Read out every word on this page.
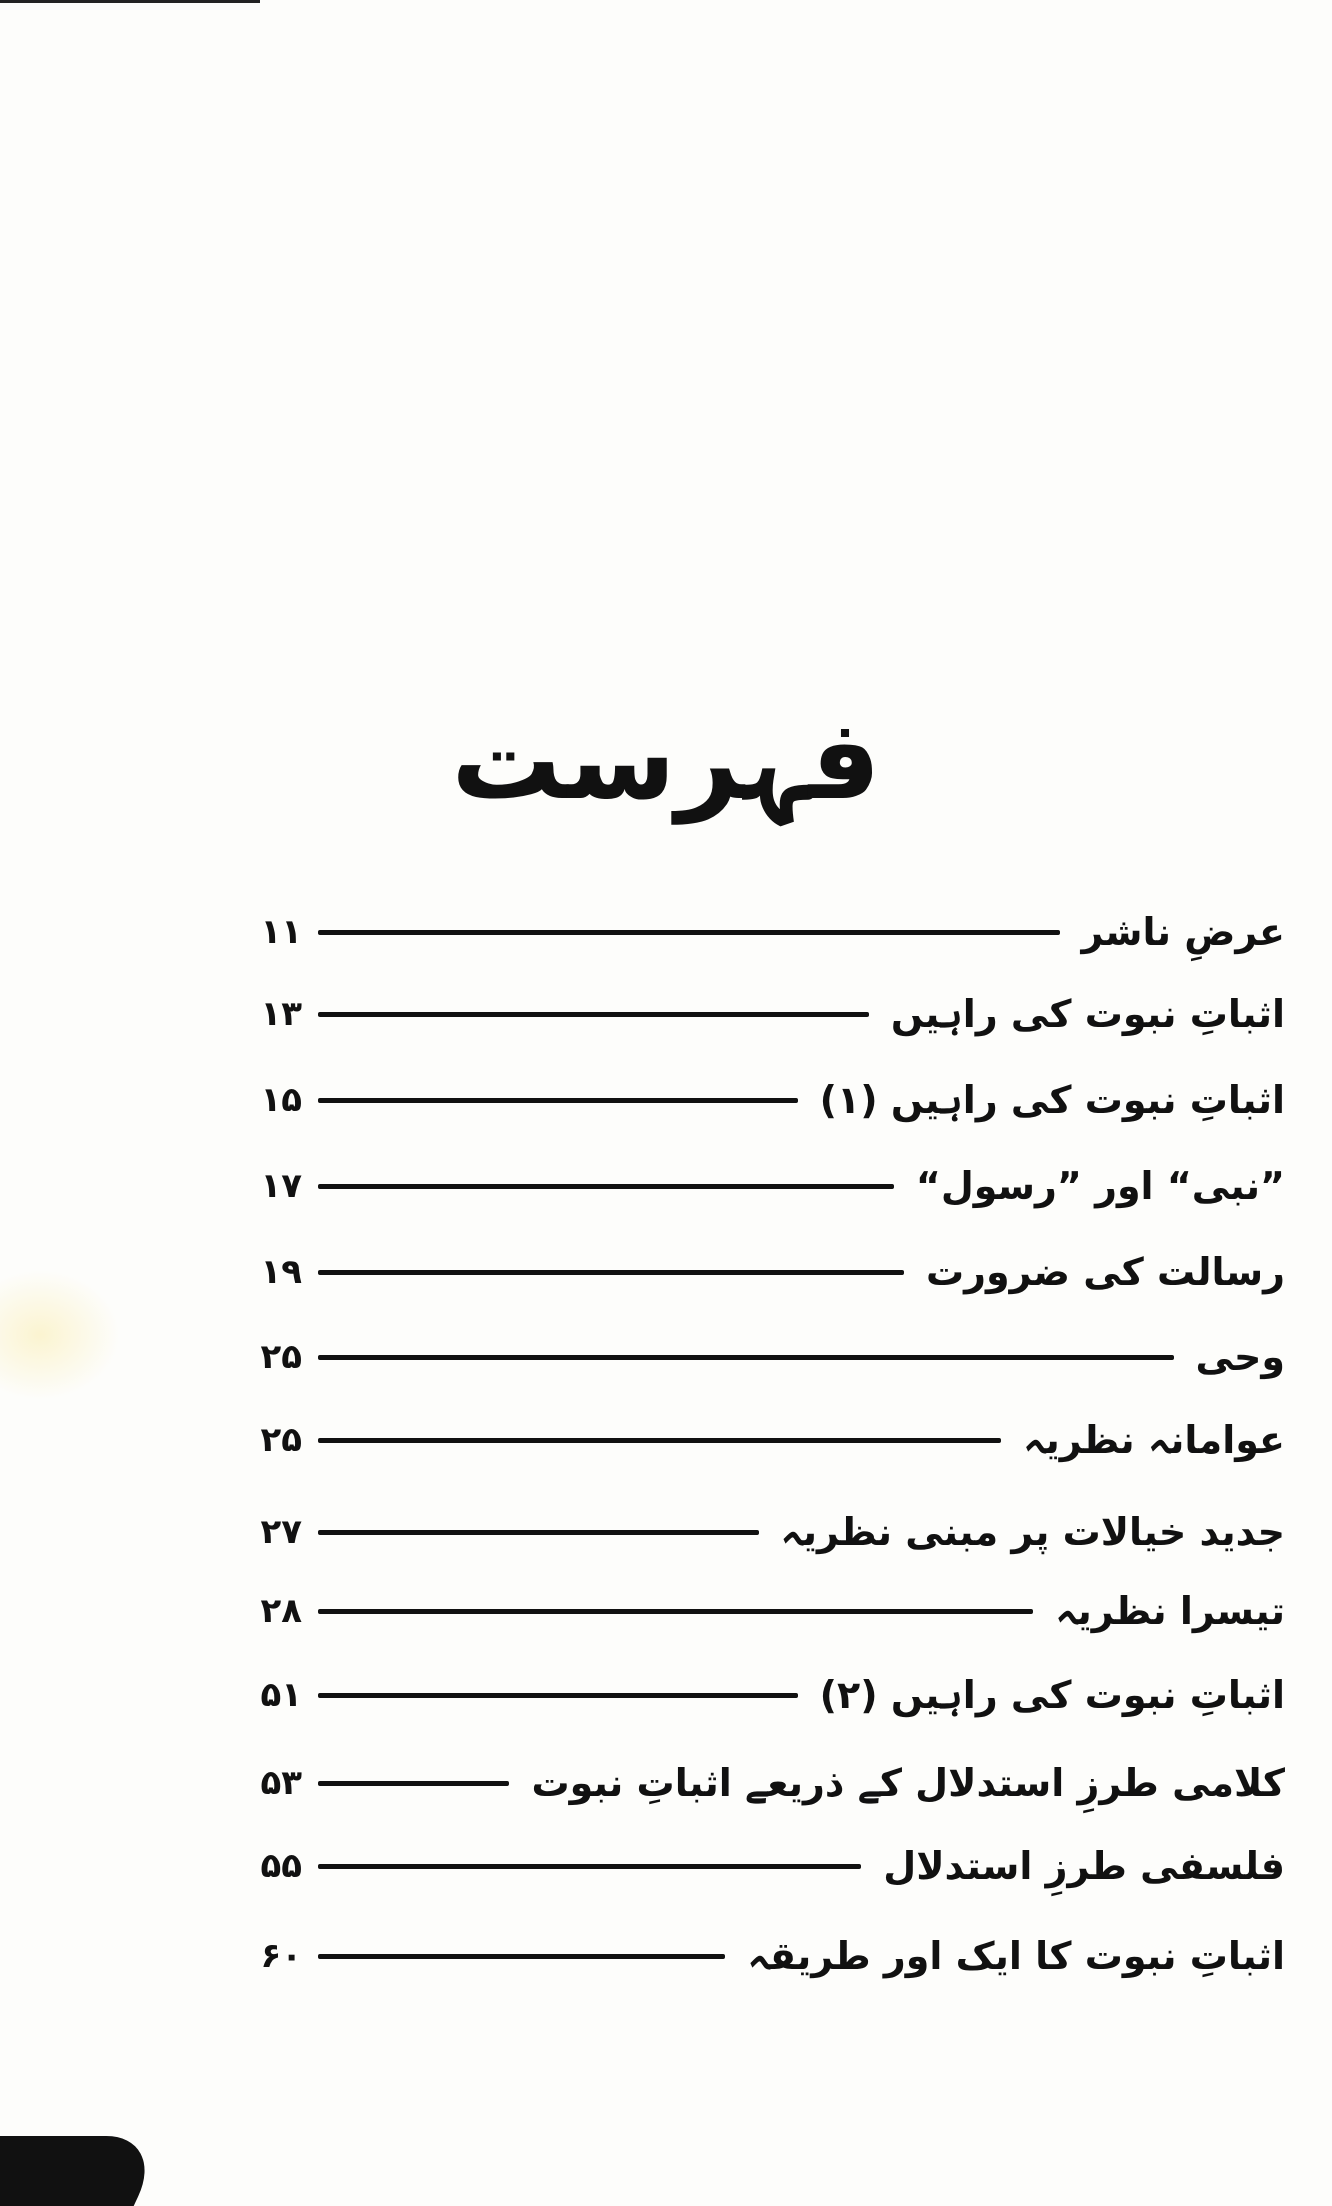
فہرست
۱۱	عرضِ ناشر
۱۳	اثباتِ نبوت کی راہیں
۱۵	اثباتِ نبوت کی راہیں (۱)
۱۷	”نبی“ اور ”رسول“
۱۹	رسالت کی ضرورت
۲۵	وحی
۲۵	عوامانہ نظریہ
۲۷	جدید خیالات پر مبنی نظریہ
۲۸	تیسرا نظریہ
۵۱	اثباتِ نبوت کی راہیں (۲)
۵۳	کلامی طرزِ استدلال کے ذریعے اثباتِ نبوت
۵۵	فلسفی طرزِ استدلال
۶۰	اثباتِ نبوت کا ایک اور طریقہ
